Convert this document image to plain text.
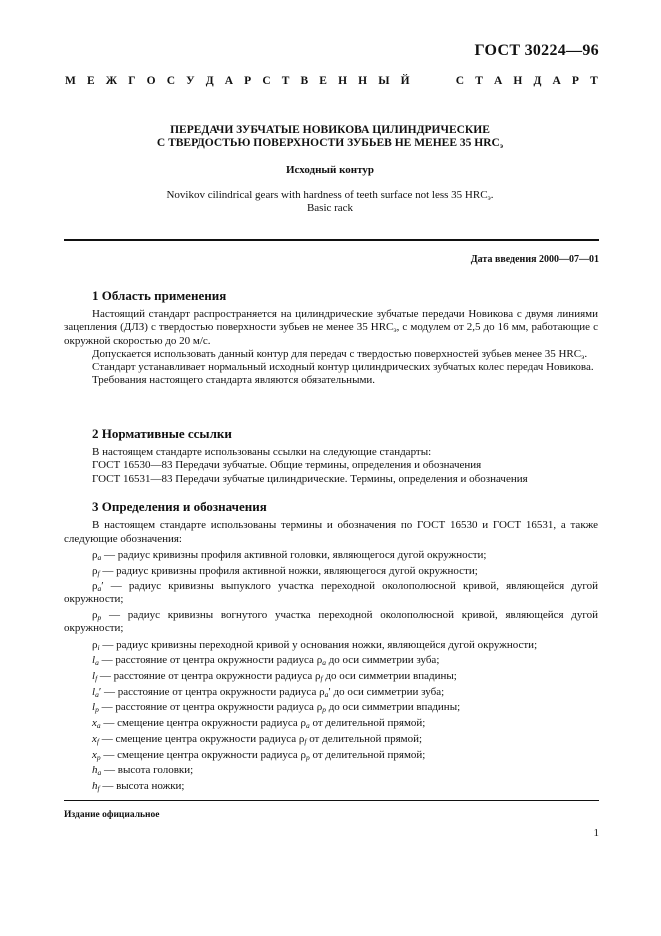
ГОСТ 30224—96
М Е Ж Г О С У Д А Р С Т В Е Н Н Ы Й	С Т А Н Д А Р Т
ПЕРЕДАЧИ ЗУБЧАТЫЕ НОВИКОВА ЦИЛИНДРИЧЕСКИЕ
С ТВЕРДОСТЬЮ ПОВЕРХНОСТИ ЗУБЬЕВ НЕ МЕНЕЕ 35 $HRC_э$
Исходный контур
Novikov cilindrical gears with hardness of teeth surface not less 35 $HRC_э$.
Basic rack
Дата введения 2000—07—01
1 Область применения

Настоящий стандарт распространяется на цилиндрические зубчатые передачи Новикова с двумя линиями зацепления (ДЛЗ) с твердостью поверхности зубьев не менее 35 $HRC_э$, с модулем от 2,5 до 16 мм, работающие с окружной скоростью до 20 м/с.

Допускается использовать данный контур для передач с твердостью поверхностей зубьев менее 35 $HRC_э$.

Стандарт устанавливает нормальный исходный контур цилиндрических зубчатых колес передач Новикова.

Требования настоящего стандарта являются обязательными.

2 Нормативные ссылки

В настоящем стандарте использованы ссылки на следующие стандарты:

ГОСТ 16530—83 Передачи зубчатые. Общие термины, определения и обозначения

ГОСТ 16531—83 Передачи зубчатые цилиндрические. Термины, определения и обозначения

3 Определения и обозначения

В настоящем стандарте использованы термины и обозначения по ГОСТ 16530 и ГОСТ 16531, а также следующие обозначения:

$\rho_a$ — радиус кривизны профиля активной головки, являющегося дугой окружности;

$\rho_f$ — радиус кривизны профиля активной ножки, являющегося дугой окружности;

$\rho_a'$ — радиус кривизны выпуклого участка переходной околополюсной кривой, являющейся дугой окружности;

$\rho_p$ — радиус кривизны вогнутого участка переходной околополюсной кривой, являющейся дугой окружности;

$\rho_i$ — радиус кривизны переходной кривой у основания ножки, являющейся дугой окружности;

$l_a$ — расстояние от центра окружности радиуса $\rho_a$ до оси симметрии зуба;

$l_f$ — расстояние от центра окружности радиуса $\rho_f$ до оси симметрии впадины;

$l_a'$ — расстояние от центра окружности радиуса $\rho_a'$ до оси симметрии зуба;

$l_p$ — расстояние от центра окружности радиуса $\rho_p$ до оси симметрии впадины;

$x_a$ — смещение центра окружности радиуса $\rho_a$ от делительной прямой;

$x_f$ — смещение центра окружности радиуса $\rho_f$ от делительной прямой;

$x_p$ — смещение центра окружности радиуса $\rho_p$ от делительной прямой;

$h_a$ — высота головки;

$h_f$ — высота ножки;

Издание официальное
1
